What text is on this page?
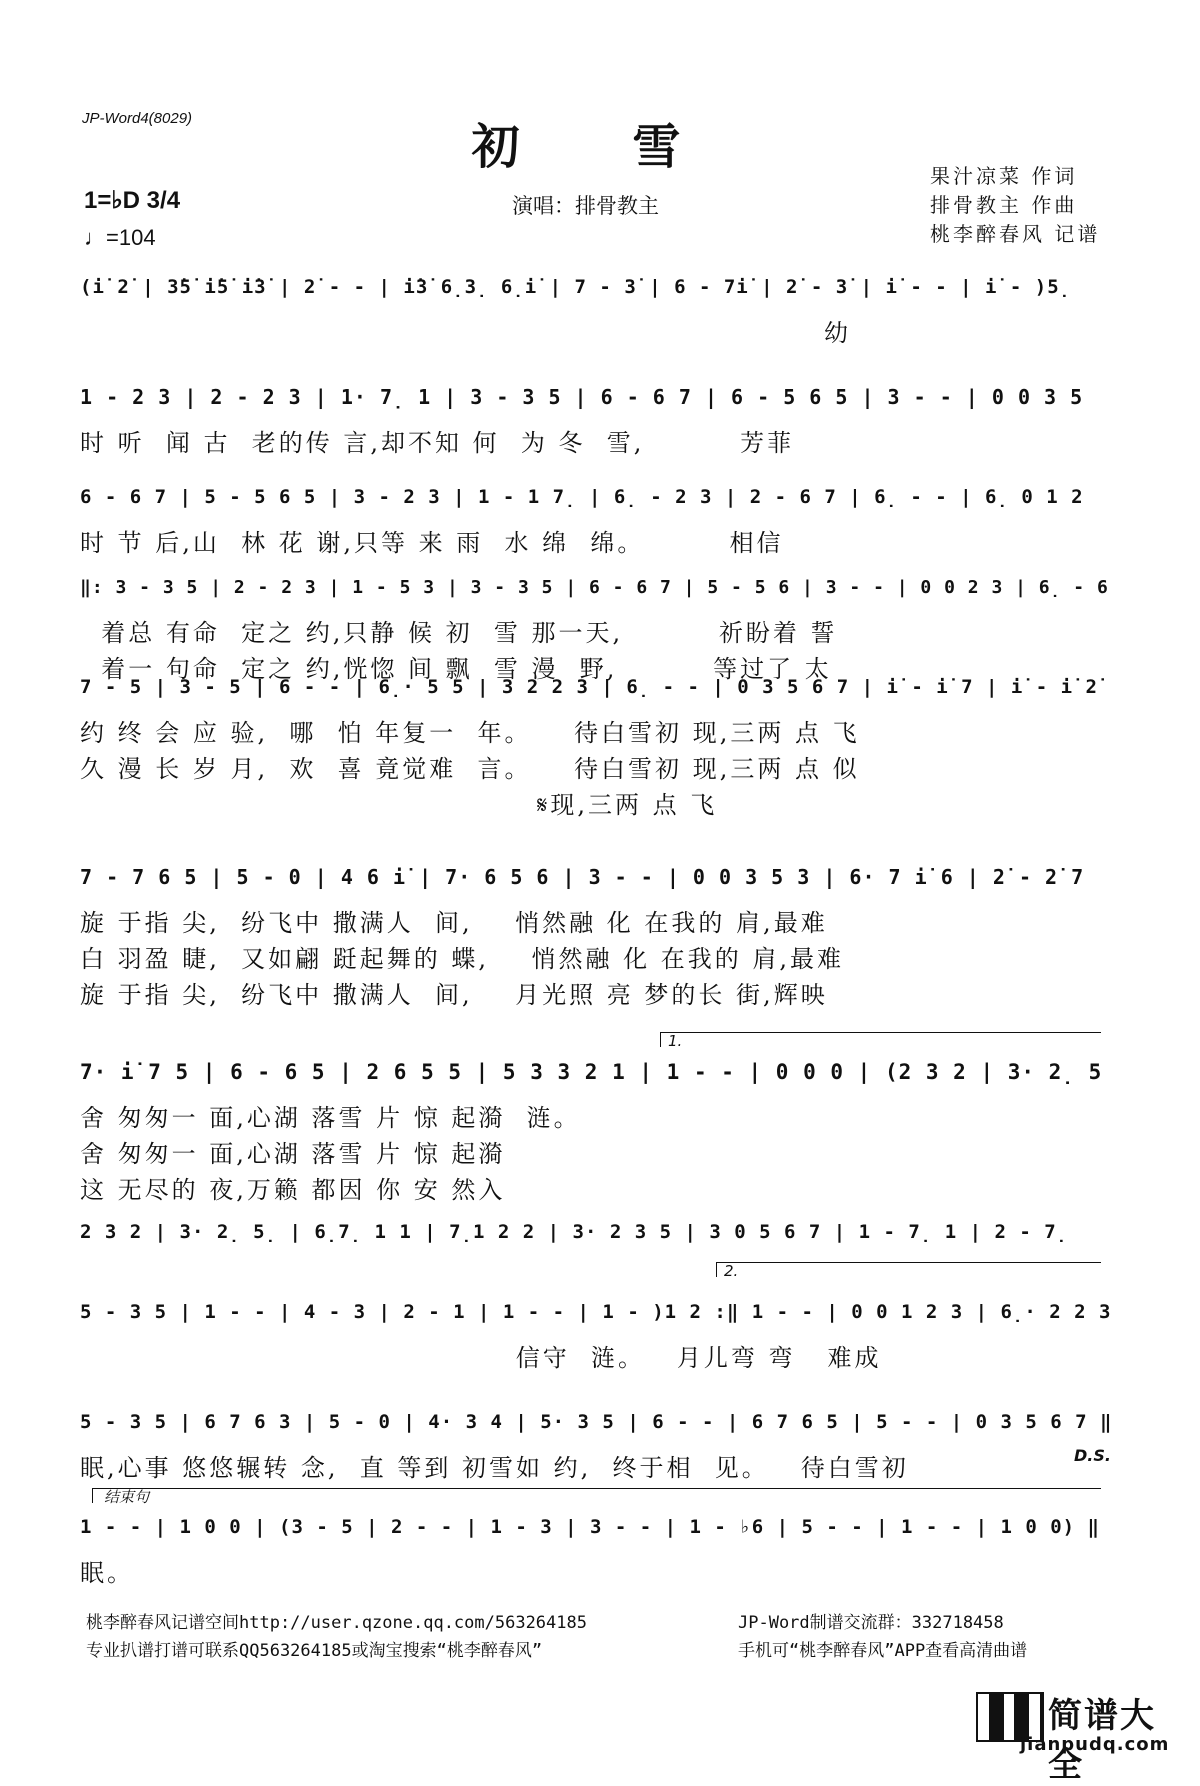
JP-Word4(8029)
初 雪
1=♭D 3/4
♩=104
演唱：排骨教主
果汁凉菜 作词
排骨教主 作曲
桃李醉春风 记谱
(i̇ 2̇ | 3̇5̇ i̇5̇ i̇3̇ | 2̇ - - | i̇3̇ 6̣3̣ 6̣i̇ | 7 - 3̇ | 6 - 7i̇ | 2̇ - 3̇ | i̇ - - | i̇ - )5̣
幼
1 - 2 3 | 2 - 2 3 | 1· 7̣ 1 | 3 - 3 5 | 6 - 6 7 | 6 - 5 6 5 | 3 - - | 0 0 3 5
时 听  闻 古  老的传 言,却不知 何  为 冬  雪,         芳菲
6 - 6 7 | 5 - 5 6 5 | 3 - 2 3 | 1 - 1 7̣ | 6̣ - 2 3 | 2 - 6 7 | 6̣ - - | 6̣ 0 1 2
时 节 后,山  林 花 谢,只等 来 雨  水 绵  绵。        相信
‖: 3 - 3 5 | 2 - 2 3 | 1 - 5 3 | 3 - 3 5 | 6 - 6 7 | 5 - 5 6 | 3 - - | 0 0 2 3 | 6̣ - 6
着总 有命  定之 约,只静 候 初  雪 那一天,         祈盼着 誓
着一 句命  定之 约,恍惚 间 飘  雪 漫  野,         等过了 太
7 - 5 | 3 - 5 | 6 - - | 6̣· 5 5 | 3 2 2 3 | 6̣ - - | 0 3 5 6 7 | i̇ - i̇ 7 | i̇ - i̇ 2̇
约 终 会 应 验,  哪  怕 年复一  年。    待白雪初 现,三两 点 飞
久 漫 长 岁 月,  欢  喜 竟觉难  言。    待白雪初 现,三两 点 似
𝄋现,三两 点 飞
7 - 7 6 5 | 5 - 0 | 4 6 i̇ | 7· 6 5 6 | 3 - - | 0 0 3 5 3 | 6· 7 i̇ 6 | 2̇ - 2̇ 7
旋 于指 尖,  纷飞中 撒满人  间,    悄然融 化 在我的 肩,最难
白 羽盈 睫,  又如翩 跹起舞的 蝶,    悄然融 化 在我的 肩,最难
旋 于指 尖,  纷飞中 撒满人  间,    月光照 亮 梦的长 街,辉映
7· i̇ 7 5 | 6 - 6 5 | 2 6 5 5 | 5 3 3 2 1 | 1 - - | 0 0 0 | (2 3 2 | 3· 2̣ 5
舍 匆匆一 面,心湖 落雪 片 惊 起漪  涟。
舍 匆匆一 面,心湖 落雪 片 惊 起漪
这 无尽的 夜,万籁 都因 你 安 然入
2 3 2 | 3· 2̣ 5̣ | 6̣7̣ 1 1 | 7̣1 2 2 | 3· 2 3 5 | 3 0 5 6 7 | 1 - 7̣ 1 | 2 - 7̣
5 - 3 5 | 1 - - | 4 - 3 | 2 - 1 | 1 - - | 1 - )1 2 :‖ 1 - - | 0 0 1 2 3 | 6̣· 2 2 3
信守  涟。   月儿弯 弯   难成
5 - 3 5 | 6 7 6 3 | 5 - 0 | 4· 3 4 | 5· 3 5 | 6 - - | 6 7 6 5 | 5 - - | 0 3 5 6 7 ‖
眠,心事 悠悠辗转 念,  直 等到 初雪如 约,  终于相  见。   待白雪初
1 - - | 1 0 0 | (3 - 5 | 2 - - | 1 - 3 | 3 - - | 1 - ♭6 | 5 - - | 1 - - | 1 0 0) ‖
眠。
1.
2.
结束句
D.S.
桃李醉春风记谱空间http://user.qzone.qq.com/563264185
专业扒谱打谱可联系QQ563264185或淘宝搜索“桃李醉春风”
JP-Word制谱交流群：332718458
手机可“桃李醉春风”APP查看高清曲谱
简谱大全
jianpudq.com
